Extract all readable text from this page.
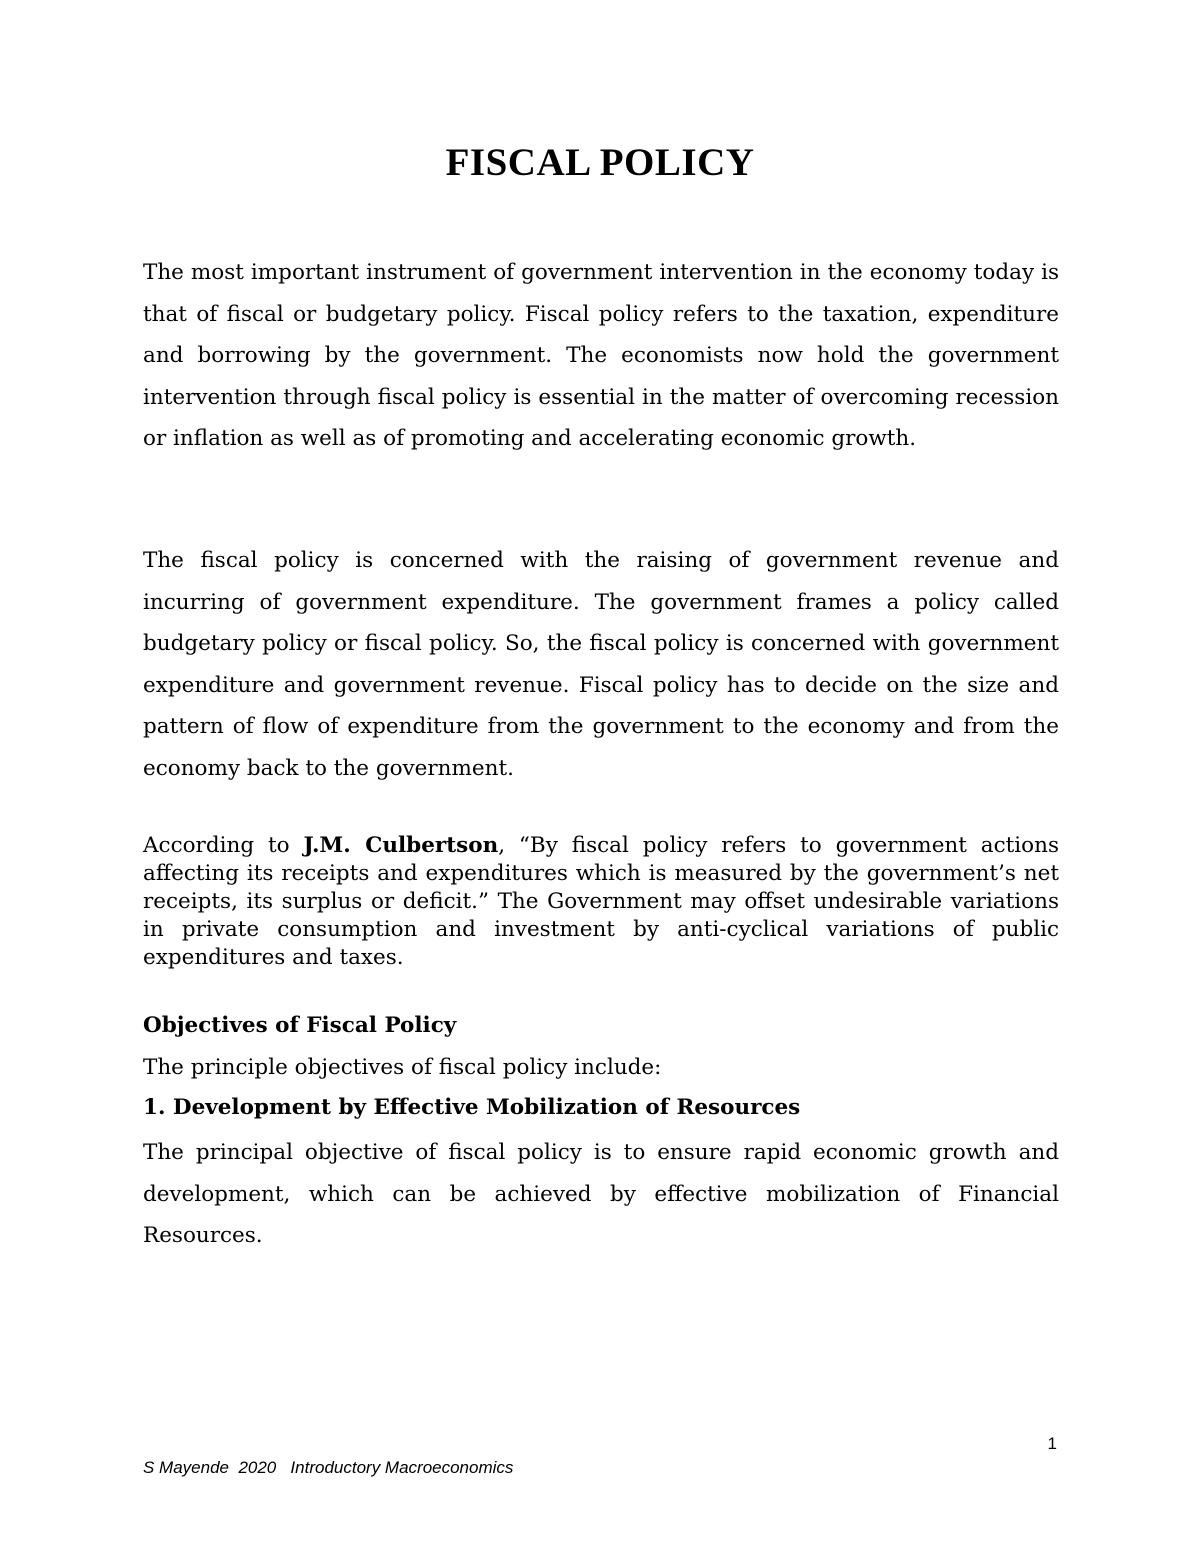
FISCAL POLICY
The most important instrument of government intervention in the economy today is that of fiscal or budgetary policy. Fiscal policy refers to the taxation, expenditure and borrowing by the government. The economists now hold the government intervention through fiscal policy is essential in the matter of overcoming recession or inflation as well as of promoting and accelerating economic growth.
The fiscal policy is concerned with the raising of government revenue and incurring of government expenditure. The government frames a policy called budgetary policy or fiscal policy. So, the fiscal policy is concerned with government expenditure and government revenue. Fiscal policy has to decide on the size and pattern of flow of expenditure from the government to the economy and from the economy back to the government.
According to J.M. Culbertson, “By fiscal policy refers to government actions affecting its receipts and expenditures which is measured by the government’s net receipts, its surplus or deficit.” The Government may offset undesirable variations in private consumption and investment by anti-cyclical variations of public expenditures and taxes.
Objectives of Fiscal Policy
The principle objectives of fiscal policy include:
1. Development by Effective Mobilization of Resources
The principal objective of fiscal policy is to ensure rapid economic growth and development, which can be achieved by effective mobilization of Financial Resources.
1
S Mayende  2020   Introductory Macroeconomics
